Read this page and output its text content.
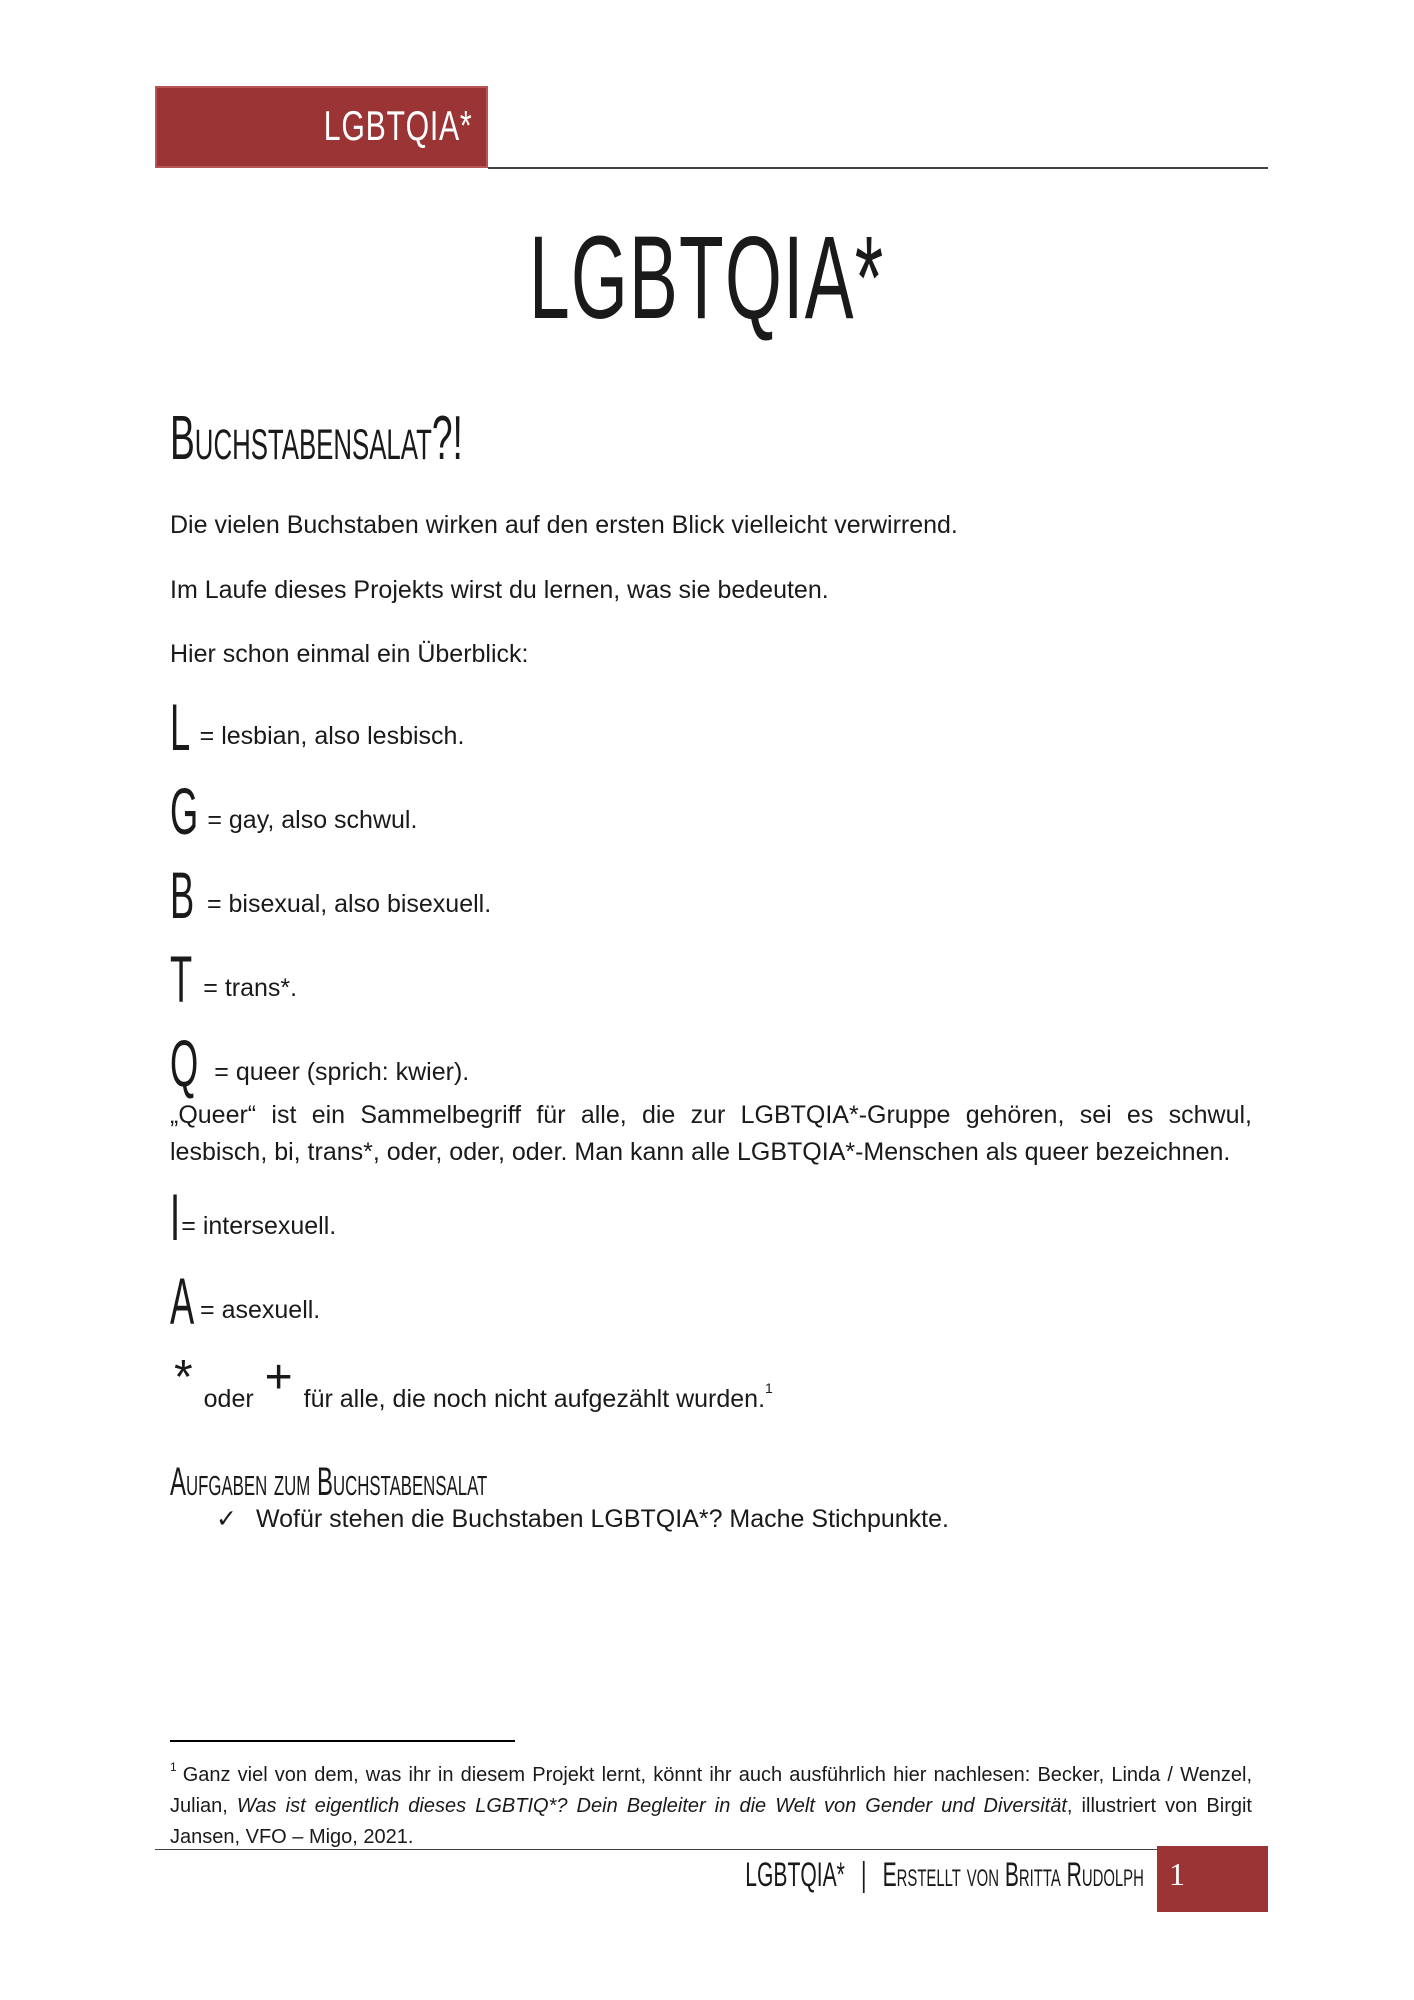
LGBTQIA*
LGBTQIA*
Buchstabensalat?!
Die vielen Buchstaben wirken auf den ersten Blick vielleicht verwirrend.
Im Laufe dieses Projekts wirst du lernen, was sie bedeuten.
Hier schon einmal ein Überblick:
L = lesbian, also lesbisch.
G = gay, also schwul.
B = bisexual, also bisexuell.
T = trans*.
Q = queer (sprich: kwier).
„Queer“ ist ein Sammelbegriff für alle, die zur LGBTQIA*-Gruppe gehören, sei es schwul, lesbisch, bi, trans*, oder, oder, oder. Man kann alle LGBTQIA*-Menschen als queer bezeichnen.
I = intersexuell.
A = asexuell.
* oder + für alle, die noch nicht aufgezählt wurden.$^1$
Aufgaben zum Buchstabensalat
✓ Wofür stehen die Buchstaben LGBTQIA*? Mache Stichpunkte.
$^1$ Ganz viel von dem, was ihr in diesem Projekt lernt, könnt ihr auch ausführlich hier nachlesen: Becker, Linda / Wenzel, Julian, Was ist eigentlich dieses LGBTIQ*? Dein Begleiter in die Welt von Gender und Diversität, illustriert von Birgit Jansen, VFO – Migo, 2021.
LGBTQIA* | Erstellt von Britta Rudolph 1
